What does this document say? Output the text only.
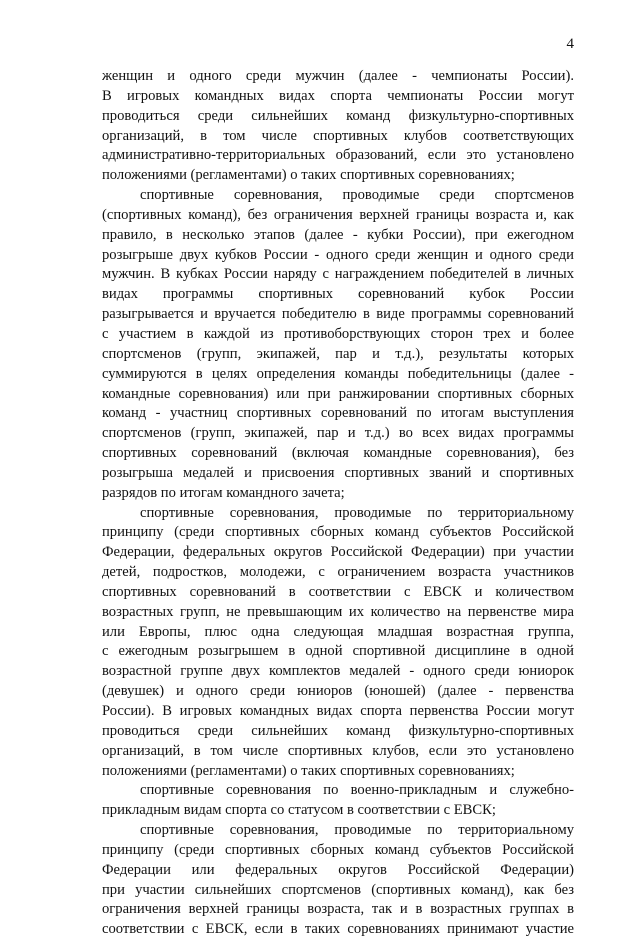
4
женщин и одного среди мужчин (далее - чемпионаты России).
В игровых командных видах спорта чемпионаты России могут
проводиться среди сильнейших команд физкультурно-спортивных
организаций, в том числе спортивных клубов соответствующих
административно-территориальных образований, если это установлено
положениями (регламентами) о таких спортивных соревнованиях;
спортивные соревнования, проводимые среди спортсменов
(спортивных команд), без ограничения верхней границы возраста и, как
правило, в несколько этапов (далее - кубки России), при ежегодном
розыгрыше двух кубков России - одного среди женщин и одного среди
мужчин. В кубках России наряду с награждением победителей в личных
видах программы спортивных соревнований кубок России
разыгрывается и вручается победителю в виде программы соревнований
с участием в каждой из противоборствующих сторон трех и более
спортсменов (групп, экипажей, пар и т.д.), результаты которых
суммируются в целях определения команды победительницы (далее -
командные соревнования) или при ранжировании спортивных сборных
команд - участниц спортивных соревнований по итогам выступления
спортсменов (групп, экипажей, пар и т.д.) во всех видах программы
спортивных соревнований (включая командные соревнования), без
розыгрыша медалей и присвоения спортивных званий и спортивных
разрядов по итогам командного зачета;
спортивные соревнования, проводимые по территориальному
принципу (среди спортивных сборных команд субъектов Российской
Федерации, федеральных округов Российской Федерации) при участии
детей, подростков, молодежи, с ограничением возраста участников
спортивных соревнований в соответствии с ЕВСК и количеством
возрастных групп, не превышающим их количество на первенстве мира
или Европы, плюс одна следующая младшая возрастная группа,
с ежегодным розыгрышем в одной спортивной дисциплине в одной
возрастной группе двух комплектов медалей - одного среди юниорок
(девушек) и одного среди юниоров (юношей) (далее - первенства
России). В игровых командных видах спорта первенства России могут
проводиться среди сильнейших команд физкультурно-спортивных
организаций, в том числе спортивных клубов, если это установлено
положениями (регламентами) о таких спортивных соревнованиях;
спортивные соревнования по военно-прикладным и служебно-
прикладным видам спорта со статусом в соответствии с ЕВСК;
спортивные соревнования, проводимые по территориальному
принципу (среди спортивных сборных команд субъектов Российской
Федерации или федеральных округов Российской Федерации)
при участии сильнейших спортсменов (спортивных команд), как без
ограничения верхней границы возраста, так и в возрастных группах в
соответствии с ЕВСК, если в таких соревнованиях принимают участие
